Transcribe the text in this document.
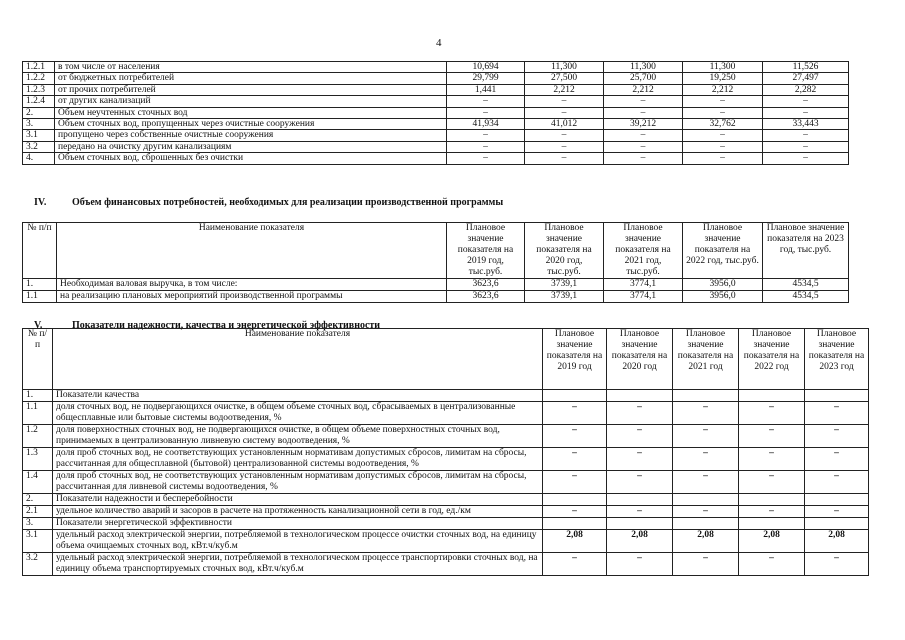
4
1.2.1	в том числе от населения	10,694	11,300	11,300	11,300	11,526
1.2.2	от бюджетных потребителей	29,799	27,500	25,700	19,250	27,497
1.2.3	от прочих потребителей	1,441	2,212	2,212	2,212	2,282
1.2.4	от других канализаций	–	–	–	–	–
2.	Объем неучтенных сточных вод	–	–	–	–	–
3.	Объем сточных вод, пропущенных через очистные сооружения	41,934	41,012	39,212	32,762	33,443
3.1	пропущено через собственные очистные сооружения	–	–	–	–	–
3.2	передано на очистку другим канализациям	–	–	–	–	–
4.	Объем сточных вод, сброшенных без очистки	–	–	–	–	–
IV.	Объем финансовых потребностей, необходимых для реализации производственной программы
№ п/п	Наименование показателя	Плановое значение показателя на 2019 год, тыс.руб.	Плановое значение показателя на 2020 год, тыс.руб.	Плановое значение показателя на 2021 год, тыс.руб.	Плановое значение показателя на 2022 год, тыс.руб.	Плановое значение показателя на 2023 год, тыс.руб.
1.	Необходимая валовая выручка, в том числе:	3623,6	3739,1	3774,1	3956,0	4534,5
1.1	на реализацию плановых мероприятий производственной программы	3623,6	3739,1	3774,1	3956,0	4534,5
V.	Показатели надежности, качества и энергетической эффективности
№ п/п	Наименование показателя	Плановое значение показателя на 2019 год	Плановое значение показателя на 2020 год	Плановое значение показателя на 2021 год	Плановое значение показателя на 2022 год	Плановое значение показателя на 2023 год
1.	Показатели качества					
1.1	доля сточных вод, не подвергающихся очистке, в общем объеме сточных вод, сбрасываемых в централизованные общесплавные или бытовые системы водоотведения, %	–	–	–	–	–
1.2	доля поверхностных сточных вод, не подвергающихся очистке, в общем объеме поверхностных сточных вод, принимаемых в централизованную ливневую систему водоотведения, %	–	–	–	–	–
1.3	доля проб сточных вод, не соответствующих установленным нормативам допустимых сбросов, лимитам на сбросы, рассчитанная для общесплавной (бытовой) централизованной системы водоотведения, %	–	–	–	–	–
1.4	доля проб сточных вод, не соответствующих установленным нормативам допустимых сбросов, лимитам на сбросы, рассчитанная для ливневой системы водоотведения, %	–	–	–	–	–
2.	Показатели надежности и бесперебойности					
2.1	удельное количество аварий и засоров в расчете на протяженность канализационной сети в год, ед./км	–	–	–	–	–
3.	Показатели энергетической эффективности					
3.1	удельный расход электрической энергии, потребляемой в технологическом процессе очистки сточных вод, на единицу объема очищаемых сточных вод, кВт.ч/куб.м	2,08	2,08	2,08	2,08	2,08
3.2	удельный расход электрической энергии, потребляемой в технологическом процессе транспортировки сточных вод, на единицу объема транспортируемых сточных вод, кВт.ч/куб.м	–	–	–	–	–
